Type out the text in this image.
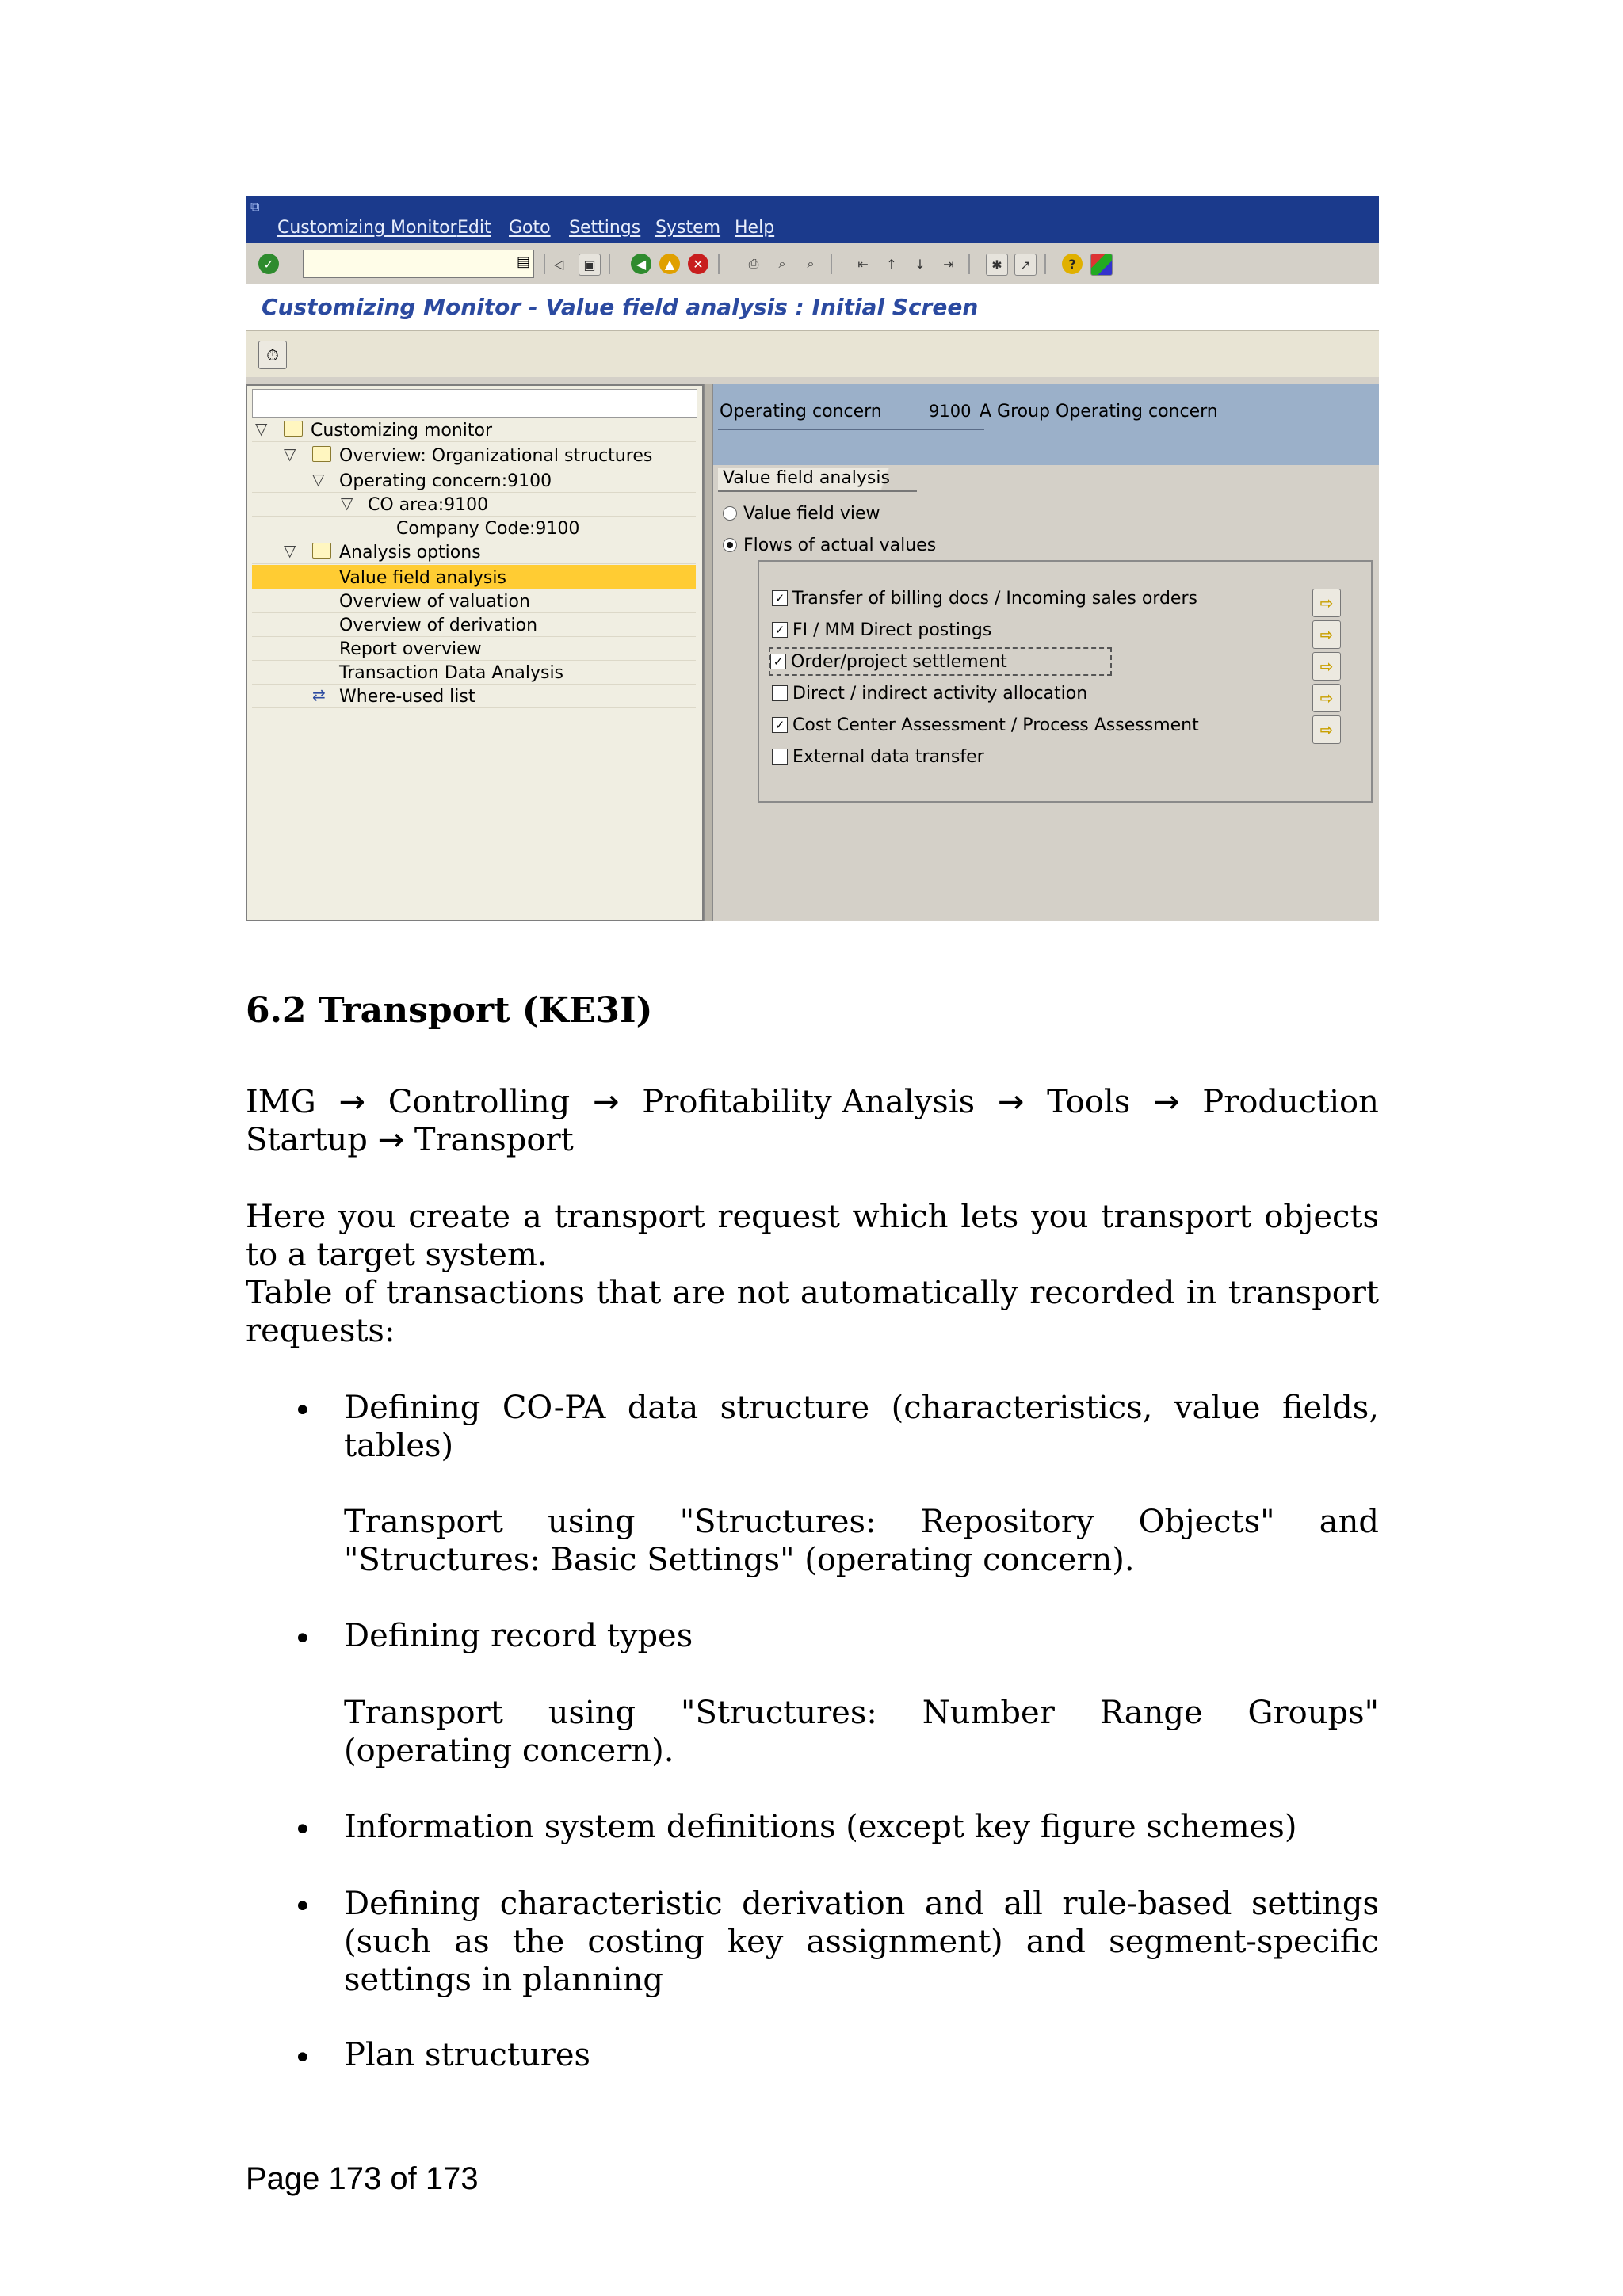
⧉
Customizing Monitor Edit Goto Settings System Help
✓	▤	◁	▣	◀	▲	✕	⎙	⌕	⌕	⇤	↑	↓	⇥	✱	↗	?
Customizing Monitor - Value field analysis : Initial Screen
⏱
▽ Customizing monitor
▽ Overview: Organizational structures
▽ Operating concern:9100
▽ CO area:9100
Company Code:9100
▽ Analysis options
Value field analysis
Overview of valuation
Overview of derivation
Report overview
Transaction Data Analysis
⇄ Where-used list
Operating concern	9100 A Group Operating concern
Value field analysis
Value field view
Flows of actual values
✓ Transfer of billing docs / Incoming sales orders
✓ FI / MM Direct postings
✓ Order/project settlement
Direct / indirect activity allocation
✓ Cost Center Assessment / Process Assessment
External data transfer
⇨
⇨
⇨
⇨
⇨
6.2 Transport (KE3I)
IMG → Controlling → Profitability Analysis → Tools → Production
Startup → Transport
Here you create a transport request which lets you transport objects to a target system.
Table of transactions that are not automatically recorded in transport requests:
• Defining CO-PA data structure (characteristics, value fields, tables)
Transport using "Structures: Repository Objects" and "Structures: Basic Settings" (operating concern).
• Defining record types
Transport using "Structures: Number Range Groups" (operating concern).
• Information system definitions (except key figure schemes)
• Defining characteristic derivation and all rule-based settings (such as the costing key assignment) and segment-specific settings in planning
• Plan structures
Page 173 of 173
